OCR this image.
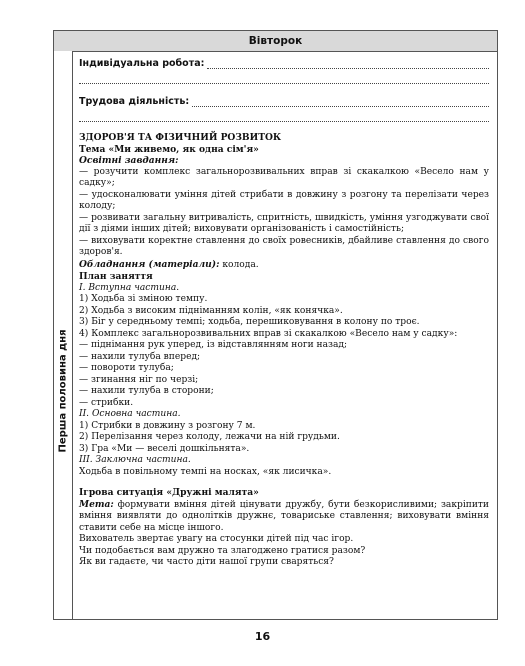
Вівторок
Перша половина дня
Індивідуальна робота:
Трудова діяльність:

ЗДОРОВ'Я ТА ФІЗИЧНИЙ РОЗВИТОК

Тема «Ми живемо, як одна сім'я»

Освітні завдання:

— розучити комплекс загальнорозвивальних вправ зі скакалкою «Весело нам у садку»;

— удосконалювати уміння дітей стрибати в довжину з розгону та перелізати через колоду;

— розвивати загальну витривалість, спритність, швидкість, уміння узгоджувати свої дії з діями інших дітей; виховувати організованість і самостійність;

— виховувати коректне ставлення до своїх ровесників, дбайливе ставлення до свого здоров'я.

Обладнання (матеріали): колода.

План заняття

I. Вступна частина.

1) Ходьба зі зміною темпу.

2) Ходьба з високим підніманням колін, «як конячка».

3) Біг у середньому темпі; ходьба, перешиковування в колону по троє.

4) Комплекс загальнорозвивальних вправ зі скакалкою «Весело нам у садку»:

— піднімання рук уперед, із відставлянням ноги назад;

— нахили тулуба вперед;

— повороти тулуба;

— згинання ніг по черзі;

— нахили тулуба в сторони;

— стрибки.

II. Основна частина.

1) Стрибки в довжину з розгону 7 м.

2) Перелізання через колоду, лежачи на ній грудьми.

3) Гра «Ми — веселі дошкільнята».

III. Заключна частина.

Ходьба в повільному темпі на носках, «як лисичка».

Ігрова ситуація «Дружні малята»

Мета: формувати вміння дітей цінувати дружбу, бути безкорисливими; закріпити вміння виявляти до однолітків дружнє, товариське ставлення; виховувати вміння ставити себе на місце іншого.

Вихователь звертає увагу на стосунки дітей під час ігор.

Чи подобається вам дружно та злагоджено гратися разом?

Як ви гадаєте, чи часто діти нашої групи сваряться?

16
